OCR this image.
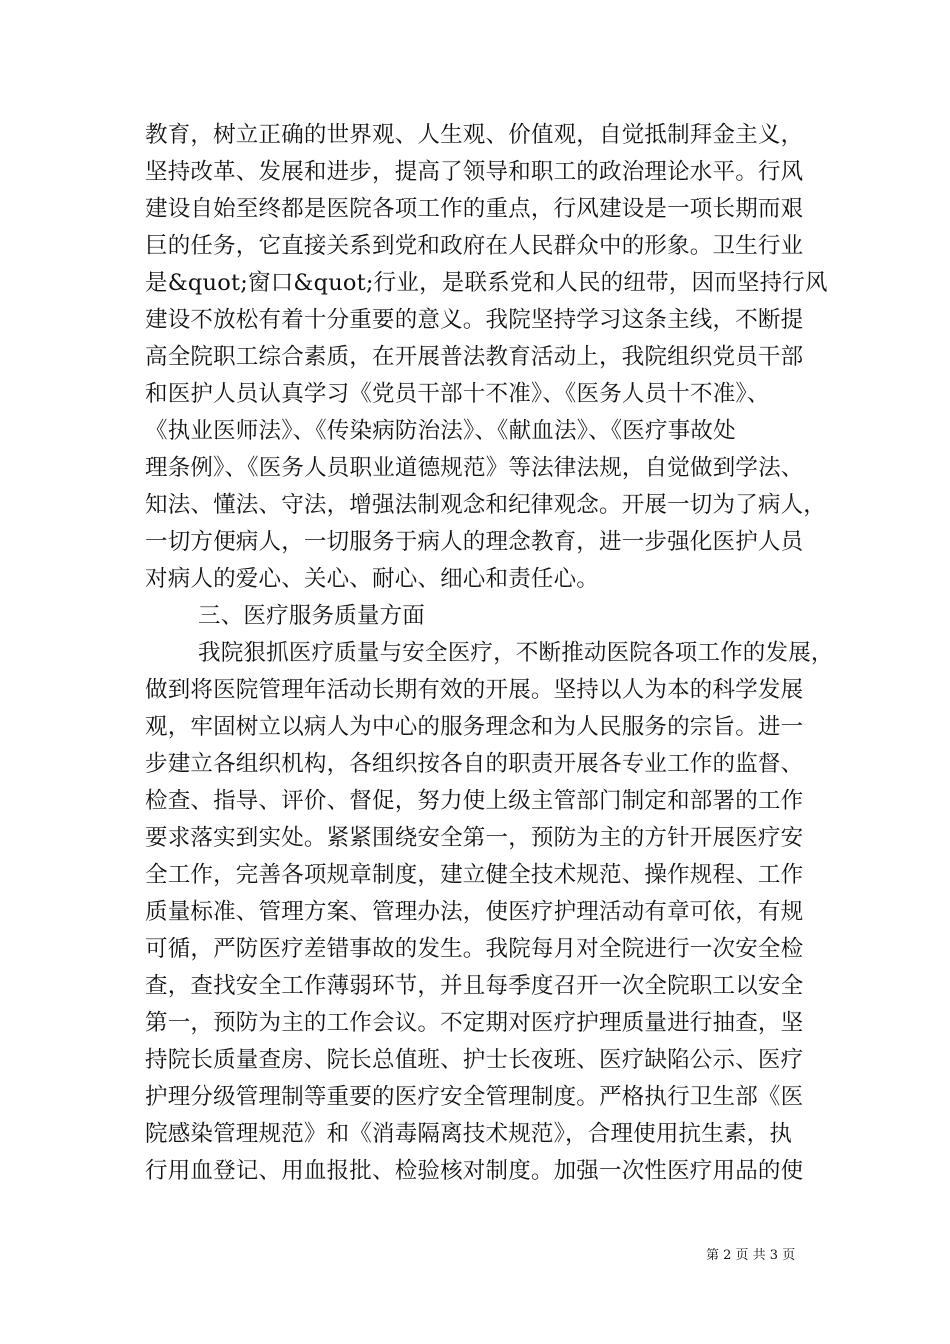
教育，树立正确的世界观、人生观、价值观，自觉抵制拜金主义，
坚持改革、发展和进步，提高了领导和职工的政治理论水平。行风
建设自始至终都是医院各项工作的重点，行风建设是一项长期而艰
巨的任务，它直接关系到党和政府在人民群众中的形象。卫生行业
是&quot;窗口&quot;行业，是联系党和人民的纽带，因而坚持行风
建设不放松有着十分重要的意义。我院坚持学习这条主线，不断提
高全院职工综合素质，在开展普法教育活动上，我院组织党员干部
和医护人员认真学习《党员干部十不准》、《医务人员十不准》、
《执业医师法》、《传染病防治法》、《献血法》、《医疗事故处
理条例》、《医务人员职业道德规范》等法律法规，自觉做到学法、
知法、懂法、守法，增强法制观念和纪律观念。开展一切为了病人，
一切方便病人，一切服务于病人的理念教育，进一步强化医护人员
对病人的爱心、关心、耐心、细心和责任心。
三、医疗服务质量方面
我院狠抓医疗质量与安全医疗，不断推动医院各项工作的发展，
做到将医院管理年活动长期有效的开展。坚持以人为本的科学发展
观，牢固树立以病人为中心的服务理念和为人民服务的宗旨。进一
步建立各组织机构，各组织按各自的职责开展各专业工作的监督、
检查、指导、评价、督促，努力使上级主管部门制定和部署的工作
要求落实到实处。紧紧围绕安全第一，预防为主的方针开展医疗安
全工作，完善各项规章制度，建立健全技术规范、操作规程、工作
质量标准、管理方案、管理办法，使医疗护理活动有章可依，有规
可循，严防医疗差错事故的发生。我院每月对全院进行一次安全检
查，查找安全工作薄弱环节，并且每季度召开一次全院职工以安全
第一，预防为主的工作会议。不定期对医疗护理质量进行抽查，坚
持院长质量查房、院长总值班、护士长夜班、医疗缺陷公示、医疗
护理分级管理制等重要的医疗安全管理制度。严格执行卫生部《医
院感染管理规范》和《消毒隔离技术规范》，合理使用抗生素，执
行用血登记、用血报批、检验核对制度。加强一次性医疗用品的使
第 2 页 共 3 页
